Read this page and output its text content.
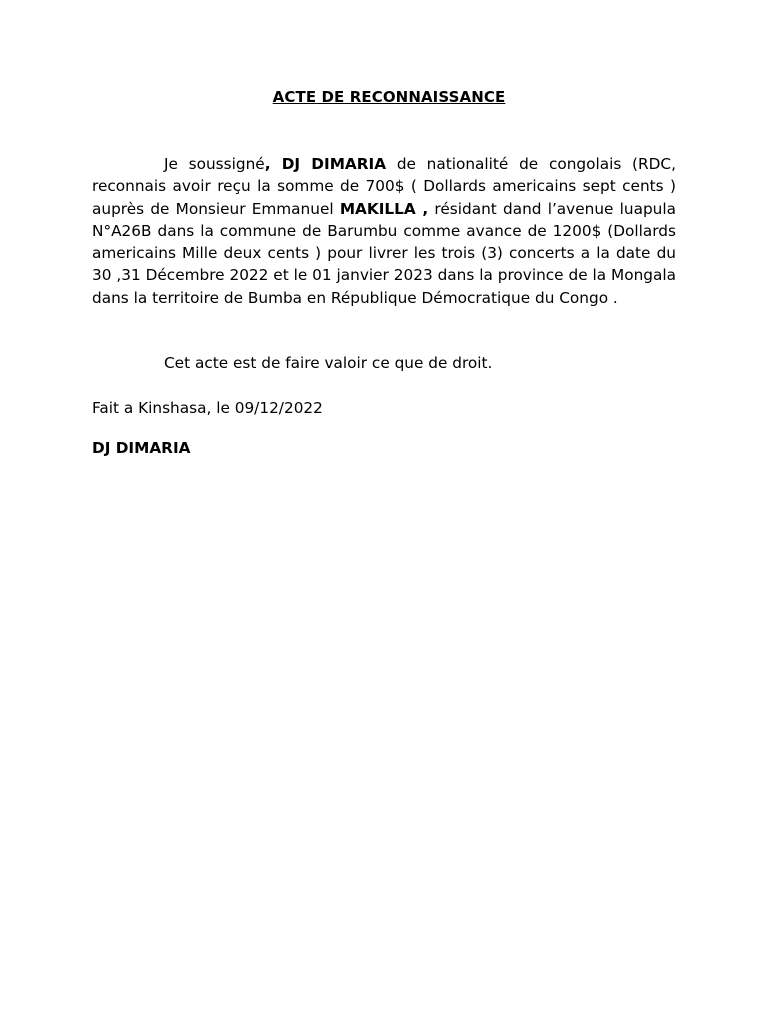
ACTE DE RECONNAISSANCE

Je soussigné, DJ DIMARIA de nationalité de congolais (RDC, reconnais avoir reçu la somme de 700$ ( Dollards americains sept cents ) auprès de Monsieur Emmanuel MAKILLA , résidant dand l’avenue luapula N°A26B dans la commune de Barumbu comme avance de 1200$ (Dollards americains Mille deux cents ) pour livrer les trois (3) concerts a la date du 30 ,31 Décembre 2022 et le 01 janvier 2023 dans la province de la Mongala dans la territoire de Bumba en République Démocratique du Congo .

Cet acte est de faire valoir ce que de droit.
Fait a Kinshasa, le 09/12/2022
DJ DIMARIA
